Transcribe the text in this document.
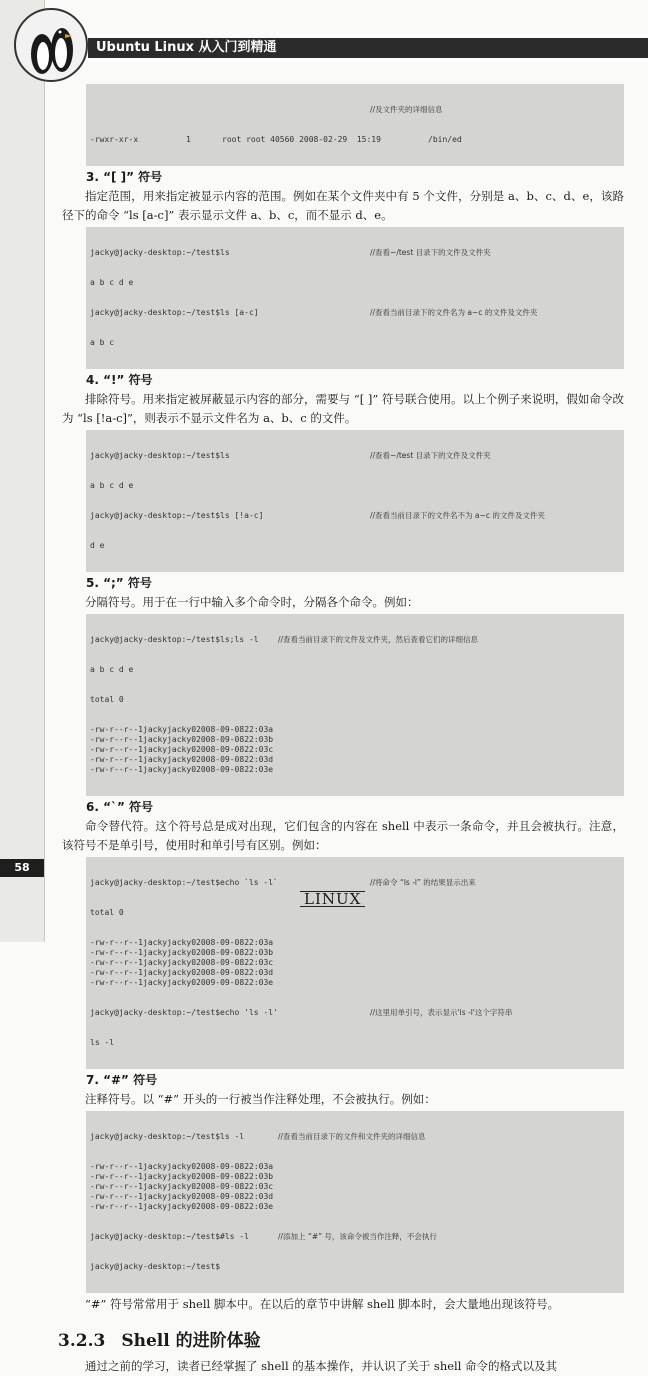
Ubuntu Linux 从入门到精通

//及文件夹的详细信息

-rwxr-xr-x	1	root root 40560 2008-02-29  15:19	/bin/ed

3. “[ ]” 符号
指定范围，用来指定被显示内容的范围。例如在某个文件夹中有 5 个文件，分别是 a、b、c、d、e，该路径下的命令 “ls [a-c]” 表示显示文件 a、b、c，而不显示 d、e。

jacky@jacky-desktop:~/test$ls	//查看~/test 目录下的文件及文件夹

a b c d e

jacky@jacky-desktop:~/test$ls [a-c]	//查看当前目录下的文件名为 a~c 的文件及文件夹

a b c

4. “!” 符号
排除符号。用来指定被屏蔽显示内容的部分，需要与 “[ ]” 符号联合使用。以上个例子来说明，假如命令改为 “ls [!a-c]”，则表示不显示文件名为 a、b、c 的文件。

jacky@jacky-desktop:~/test$ls	//查看~/test 目录下的文件及文件夹

a b c d e

jacky@jacky-desktop:~/test$ls [!a-c]	//查看当前目录下的文件名不为 a~c 的文件及文件夹

d e

5. “;” 符号
分隔符号。用于在一行中输入多个命令时，分隔各个命令。例如：

jacky@jacky-desktop:~/test$ls;ls -l	//查看当前目录下的文件及文件夹，然后查看它们的详细信息

a b c d e

total 0

-rw-r--r-- 1 jacky jacky 0 2008-09-08 22:03 a
-rw-r--r-- 1 jacky jacky 0 2008-09-08 22:03 b
-rw-r--r-- 1 jacky jacky 0 2008-09-08 22:03 c
-rw-r--r-- 1 jacky jacky 0 2008-09-08 22:03 d
-rw-r--r-- 1 jacky jacky 0 2008-09-08 22:03 e

6. “`” 符号
命令替代符。这个符号总是成对出现，它们包含的内容在 shell 中表示一条命令，并且会被执行。注意，该符号不是单引号，使用时和单引号有区别。例如：

jacky@jacky-desktop:~/test$echo `ls -l`	//将命令 “ls -l” 的结果显示出来

total 0

-rw-r--r-- 1 jacky jacky 0 2008-09-08 22:03 a
-rw-r--r-- 1 jacky jacky 0 2008-09-08 22:03 b
-rw-r--r-- 1 jacky jacky 0 2008-09-08 22:03 c
-rw-r--r-- 1 jacky jacky 0 2008-09-08 22:03 d
-rw-r--r-- 1 jacky jacky 0 2009-09-08 22:03 e

jacky@jacky-desktop:~/test$echo 'ls -l'	//这里用单引号，表示显示'ls -l'这个字符串

ls -l

7. “#” 符号
注释符号。以 “#” 开头的一行被当作注释处理，不会被执行。例如：

jacky@jacky-desktop:~/test$ls -l	//查看当前目录下的文件和文件夹的详细信息

-rw-r--r-- 1 jacky jacky 0 2008-09-08 22:03 a
-rw-r--r-- 1 jacky jacky 0 2008-09-08 22:03 b
-rw-r--r-- 1 jacky jacky 0 2008-09-08 22:03 c
-rw-r--r-- 1 jacky jacky 0 2008-09-08 22:03 d
-rw-r--r-- 1 jacky jacky 0 2008-09-08 22:03 e

jacky@jacky-desktop:~/test$#ls -l	//添加上 “#” 号，该命令被当作注释，不会执行

jacky@jacky-desktop:~/test$

“#” 符号常常用于 shell 脚本中。在以后的章节中讲解 shell 脚本时，会大量地出现该符号。
3.2.3 Shell 的进阶体验
通过之前的学习，读者已经掌握了 shell 的基本操作，并认识了关于 shell 命令的格式以及其
58
LINUX
